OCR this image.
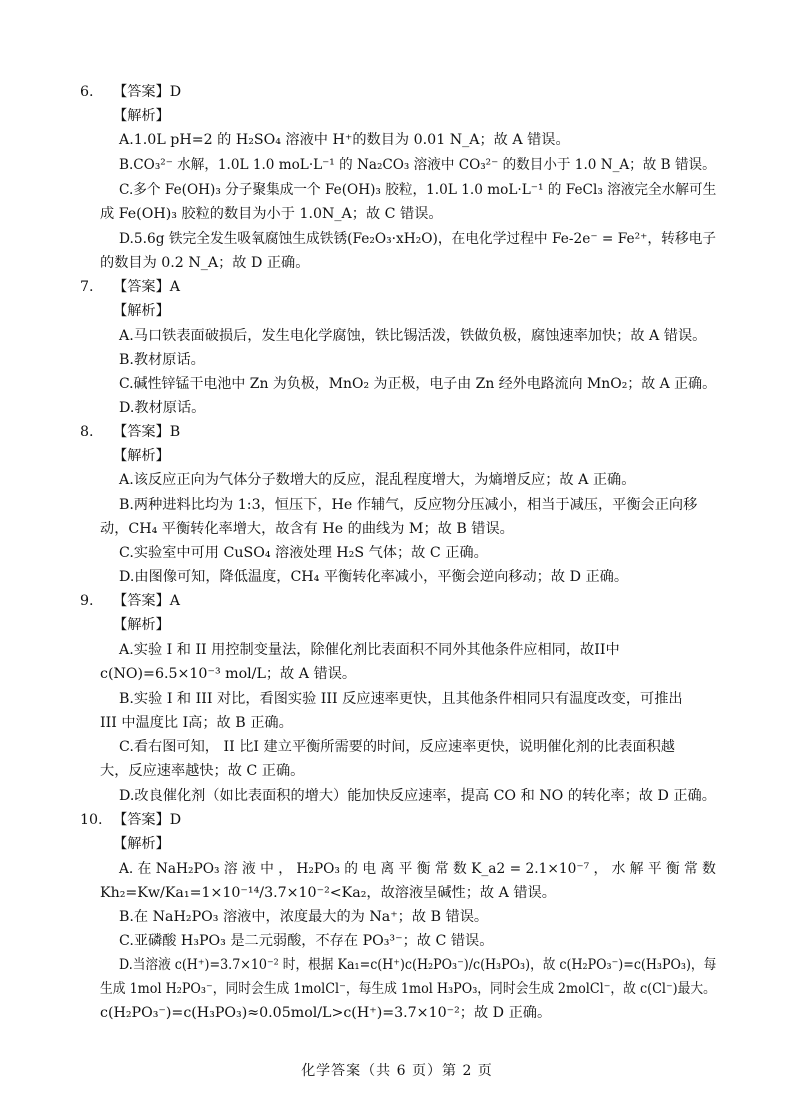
6. 【答案】D
【解析】
A.1.0L pH=2 的 H₂SO₄ 溶液中 H⁺的数目为 0.01 N_A；故 A 错误。
B.CO₃²⁻ 水解，1.0L 1.0 moL·L⁻¹ 的 Na₂CO₃ 溶液中 CO₃²⁻ 的数目小于 1.0 N_A；故 B 错误。
C.多个 Fe(OH)₃ 分子聚集成一个 Fe(OH)₃ 胶粒，1.0L 1.0 moL·L⁻¹ 的 FeCl₃ 溶液完全水解可生
成 Fe(OH)₃ 胶粒的数目为小于 1.0N_A；故 C 错误。
D.5.6g 铁完全发生吸氧腐蚀生成铁锈(Fe₂O₃·xH₂O)，在电化学过程中 Fe-2e⁻ = Fe²⁺，转移电子
的数目为 0.2 N_A；故 D 正确。
7. 【答案】A
【解析】
A.马口铁表面破损后，发生电化学腐蚀，铁比锡活泼，铁做负极，腐蚀速率加快；故 A 错误。
B.教材原话。
C.碱性锌锰干电池中 Zn 为负极，MnO₂ 为正极，电子由 Zn 经外电路流向 MnO₂；故 A 正确。
D.教材原话。
8. 【答案】B
【解析】
A.该反应正向为气体分子数增大的反应，混乱程度增大，为熵增反应；故 A 正确。
B.两种进料比均为 1:3，恒压下，He 作辅气，反应物分压减小，相当于减压，平衡会正向移
动，CH₄ 平衡转化率增大，故含有 He 的曲线为 M；故 B 错误。
C.实验室中可用 CuSO₄ 溶液处理 H₂S 气体；故 C 正确。
D.由图像可知，降低温度，CH₄ 平衡转化率减小，平衡会逆向移动；故 D 正确。
9. 【答案】A
【解析】
A.实验 I 和 II 用控制变量法，除催化剂比表面积不同外其他条件应相同，故II中
c(NO)=6.5×10⁻³ mol/L；故 A 错误。
B.实验 I 和 III 对比，看图实验 III 反应速率更快，且其他条件相同只有温度改变，可推出
III 中温度比 I高；故 B 正确。
C.看右图可知， II 比I 建立平衡所需要的时间，反应速率更快，说明催化剂的比表面积越
大，反应速率越快；故 C 正确。
D.改良催化剂（如比表面积的增大）能加快反应速率，提高 CO 和 NO 的转化率；故 D 正确。
10. 【答案】D
【解析】
A. 在 NaH₂PO₃ 溶 液 中 ， H₂PO₃ 的 电 离 平 衡 常 数 K_a2 = 2.1×10⁻⁷ ， 水 解 平 衡 常 数
Kh₂=Kw/Ka₁=1×10⁻¹⁴/3.7×10⁻²<Ka₂，故溶液呈碱性；故 A 错误。
B.在 NaH₂PO₃ 溶液中，浓度最大的为 Na⁺；故 B 错误。
C.亚磷酸 H₃PO₃ 是二元弱酸，不存在 PO₃³⁻；故 C 错误。
D.当溶液 c(H⁺)=3.7×10⁻² 时，根据 Ka₁=c(H⁺)c(H₂PO₃⁻)/c(H₃PO₃)，故 c(H₂PO₃⁻)=c(H₃PO₃)，每
生成 1mol H₂PO₃⁻，同时会生成 1molCl⁻，每生成 1mol H₃PO₃，同时会生成 2molCl⁻，故 c(Cl⁻)最大。
c(H₂PO₃⁻)=c(H₃PO₃)≈0.05mol/L>c(H⁺)=3.7×10⁻²；故 D 正确。
化学答案（共 6 页）第 2 页
